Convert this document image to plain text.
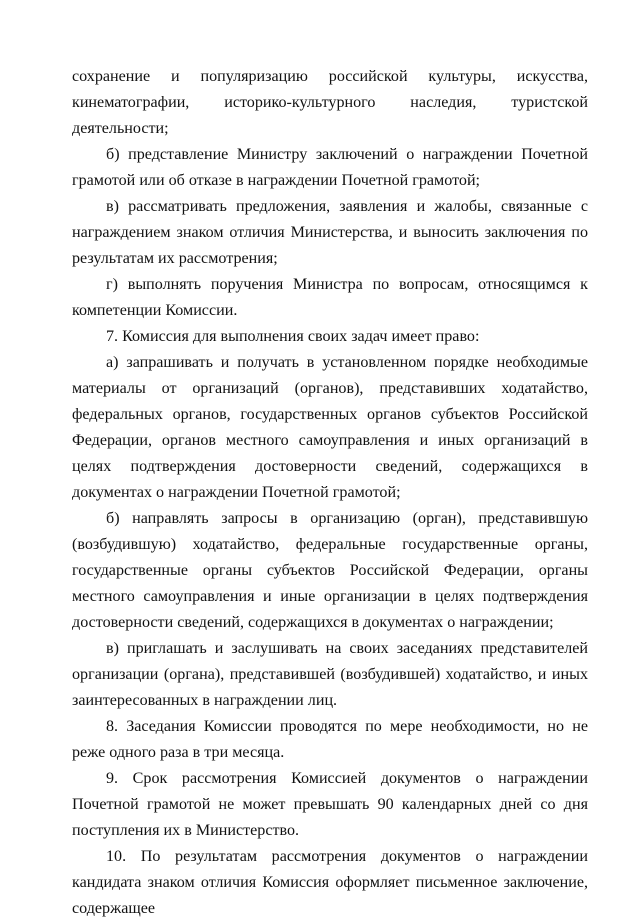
сохранение и популяризацию российской культуры, искусства, кинематографии, историко-культурного наследия, туристской деятельности;

б) представление Министру заключений о награждении Почетной грамотой или об отказе в награждении Почетной грамотой;

в) рассматривать предложения, заявления и жалобы, связанные с награждением знаком отличия Министерства, и выносить заключения по результатам их рассмотрения;

г) выполнять поручения Министра по вопросам, относящимся к компетенции Комиссии.

7. Комиссия для выполнения своих задач имеет право:

а) запрашивать и получать в установленном порядке необходимые материалы от организаций (органов), представивших ходатайство, федеральных органов, государственных органов субъектов Российской Федерации, органов местного самоуправления и иных организаций в целях подтверждения достоверности сведений, содержащихся в документах о награждении Почетной грамотой;

б) направлять запросы в организацию (орган), представившую (возбудившую) ходатайство, федеральные государственные органы, государственные органы субъектов Российской Федерации, органы местного самоуправления и иные организации в целях подтверждения достоверности сведений, содержащихся в документах о награждении;

в) приглашать и заслушивать на своих заседаниях представителей организации (органа), представившей (возбудившей) ходатайство, и иных заинтересованных в награждении лиц.

8. Заседания Комиссии проводятся по мере необходимости, но не реже одного раза в три месяца.

9. Срок рассмотрения Комиссией документов о награждении Почетной грамотой не может превышать 90 календарных дней со дня поступления их в Министерство.

10. По результатам рассмотрения документов о награждении кандидата знаком отличия Комиссия оформляет письменное заключение, содержащее
